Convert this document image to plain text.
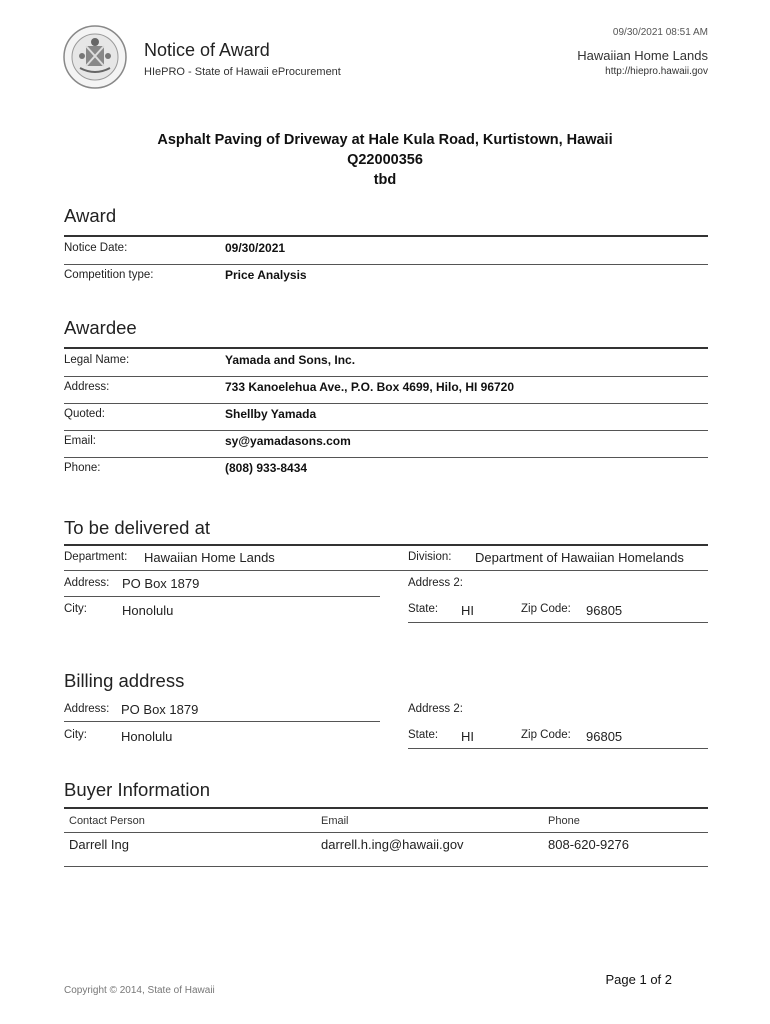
09/30/2021 08:51 AM
Notice of Award
HIePRO - State of Hawaii eProcurement
Hawaiian Home Lands
http://hiepro.hawaii.gov
Asphalt Paving of Driveway at Hale Kula Road, Kurtistown, Hawaii
Q22000356
tbd
Award
Notice Date:	09/30/2021
Competition type:	Price Analysis
Awardee
Legal Name:	Yamada and Sons, Inc.
Address:	733 Kanoelehua Ave., P.O. Box 4699, Hilo, HI 96720
Quoted:	Shellby Yamada
Email:	sy@yamadasons.com
Phone:	(808) 933-8434
To be delivered at
Department: Hawaiian Home Lands	Division: Department of Hawaiian Homelands
Address: PO Box 1879	Address 2:
City:	Honolulu	State: HI	Zip Code: 96805
Billing address
Address: PO Box 1879	Address 2:
City:	Honolulu	State: HI	Zip Code: 96805
Buyer Information
Contact Person	Email	Phone
Darrell Ing	darrell.h.ing@hawaii.gov	808-620-9276
Copyright © 2014, State of Hawaii
Page 1 of 2
